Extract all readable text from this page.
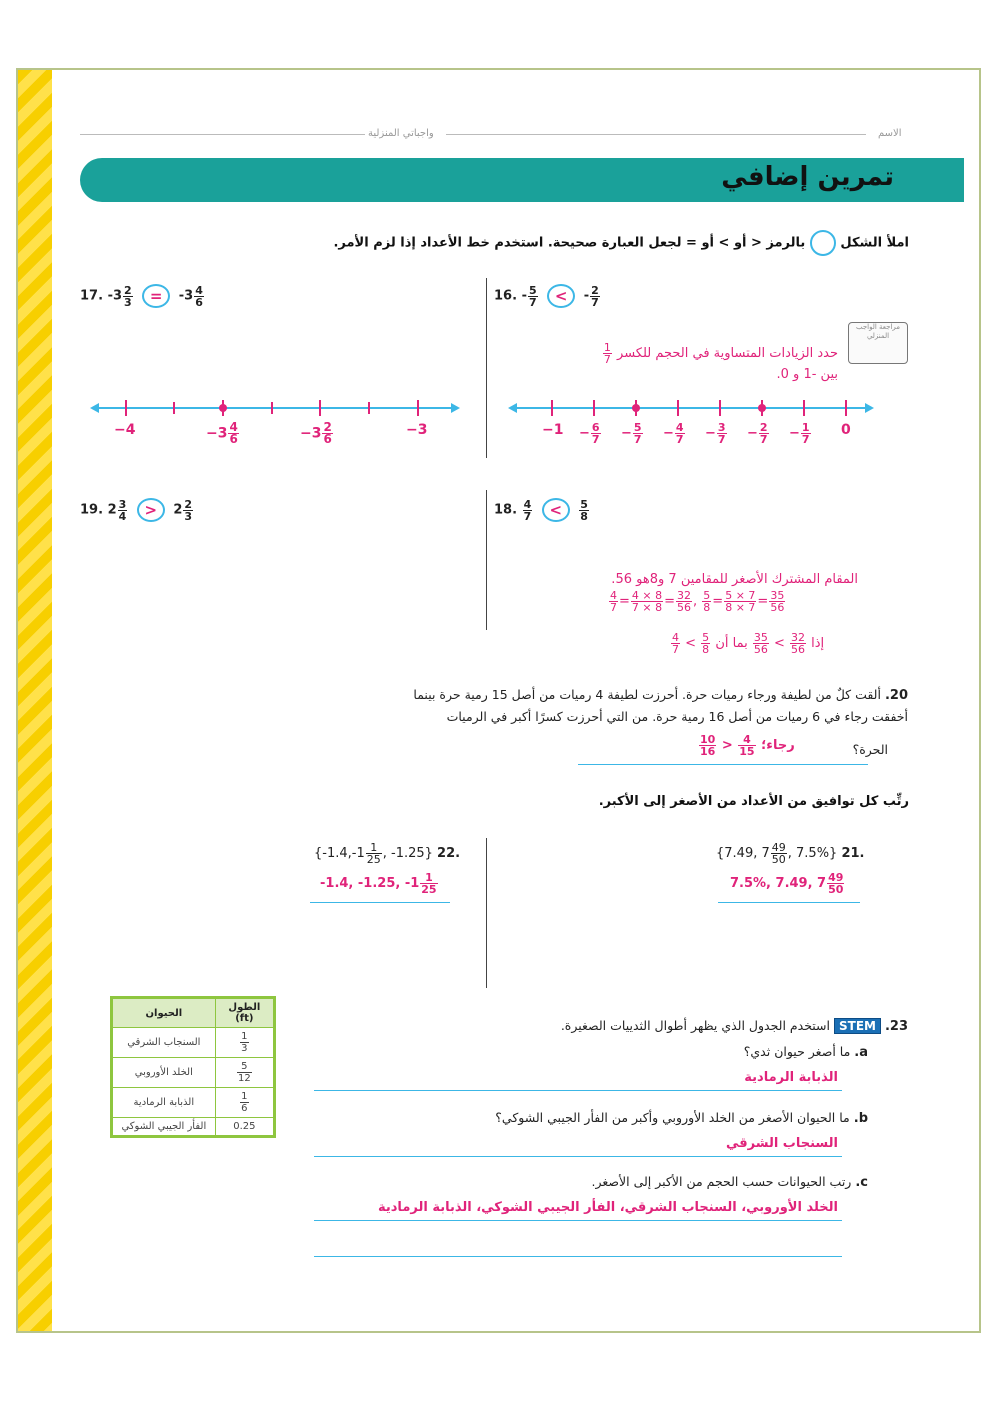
الاسم
واجباتي المنزلية
تمرين إضافي
املأ الشكل  بالرمز < أو > أو = لجعل العبارة صحيحة. استخدم خط الأعداد إذا لزم الأمر.
17. $-3 \frac{2}{3} = -3 \frac{4}{6}$
−4	$-3 \frac{4}{6}$	$-3 \frac{2}{6}$	−3
16. - $\frac{5}{7}$ < - $\frac{2}{7}$
مراجعة الواجب المنزلي
حدد الزيادات المتساوية في الحجم للكسر
$\frac{1}{7}$

بين -1 و 0.
$-1 - \frac{6}{7} - \frac{5}{7} - \frac{4}{7} - \frac{3}{7} - \frac{2}{7} - \frac{1}{7} 0$
19. $2 \frac{3}{4} > 2 \frac{2}{3}$	18. $\frac{4}{7} < \frac{5}{8}$
المقام المشترك الأصغر للمقامين 7 و8هو 56.
$\frac{4}{7} = \frac{4 \times 8}{7 \times 8} = \frac{32}{56}$ , $\frac{5}{8} = \frac{5 \times 7}{8 \times 7} = \frac{35}{56}$
$\frac{4}{7} < \frac{5}{8}$	إذا
$\frac{32}{56}$
>
$\frac{35}{56}$
بما أن
20. ألقت كلٌ من لطيفة ورجاء رميات حرة. أحرزت لطيفة 4 رميات من أصل 15 رمية حرة بينما
أخفقت رجاء في 6 رميات من أصل 16 رمية حرة. من التي أحرزت كسرًا أكبر في الرميات
الحرة؟
$\frac{10}{16} > \frac{4}{15}$ رجاء؛
رتِّب كل توافيق من الأعداد من الأصغر إلى الأكبر.
{7.49, $7 \frac{49}{50}$ , 7.5%} 21.
7.5%, 7.49, $7 \frac{49}{50}$
{$-1.4,-1 \frac{1}{25}$ , -1.25} 22.
-1.4, -1.25, $-1 \frac{1}{25}$
23. STEM استخدم الجدول الذي يظهر أطوال الثدييات الصغيرة.
a. ما أصغر حيوان ثدي؟
الذبابة الرمادية
b. ما الحيوان الأصغر من الخلد الأوروبي وأكبر من الفأر الجيبي الشوكي؟
السنجاب الشرقي
c. رتب الحيوانات حسب الحجم من الأكبر إلى الأصغر.
الخلد الأوروبي، السنجاب الشرقي، الفأر الجيبي الشوكي، الذبابة الرمادية
الحيوان	الطول (ft)
السنجاب الشرقي	$\frac{1}{3}$

الخلد الأوروبي	$\frac{5}{12}$

الذبابة الرمادية	$\frac{1}{6}$

الفأر الجيبي الشوكي	0.25
